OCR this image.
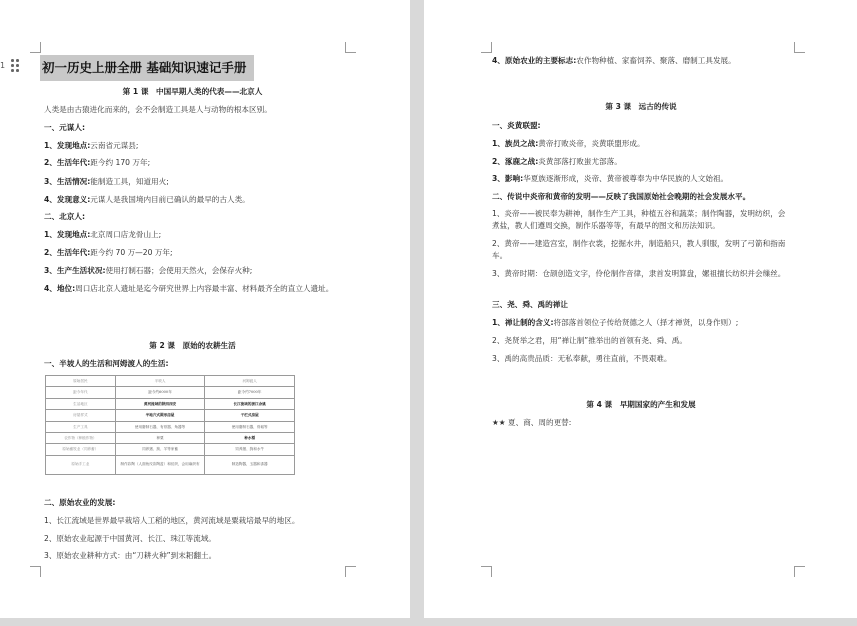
1	初一历史上册全册 基础知识速记手册
第 1 课　中国早期人类的代表——北京人
人类是由古猿进化而来的，会不会制造工具是人与动物的根本区别。
一、元谋人:
1、发现地点:云南省元谋县;
2、生活年代:距今约 170 万年;
3、生活情况:能制造工具，知道用火;
4、发现意义:元谋人是我国境内目前已确认的最早的古人类。
二、北京人:
1、发现地点:北京周口店龙骨山上;
2、生活年代:距今约 70 万—20 万年;
3、生产生活状况:使用打制石器；会使用天然火，会保存火种;
4、地位:周口店北京人遗址是迄今研究世界上内容最丰富、材料最齐全的直立人遗址。
第 2 课　原始的农耕生活
一、半坡人的生活和河姆渡人的生活:
原始居民	半坡人	河姆渡人
距今年代	距今约6000年	距今约7000年
生活地区	黄河流域的陕西西安	长江流域的浙江余姚
房屋样式	半地穴式圆形房屋	干栏式房屋
生产工具	使用磨制石器，有骨器、角器等	使用磨制石器，骨耜等
农作物（种植作物）	种粟	种水稻
原始畜牧业（饲养畜）	饲养猪、狗、羊等家畜	饲养猪、狗和水牛
原始手工业	制作彩陶（人面鱼纹彩陶盆）和纺织，会用麻织布	制造陶器，玉器和漆器
二、原始农业的发展:
1、长江流域是世界最早栽培人工稻的地区，黄河流域是粟栽培最早的地区。
2、原始农业起源于中国黄河、长江、珠江等流域。
3、原始农业耕种方式：由“刀耕火种”到末耜翻土。
4、原始农业的主要标志:农作物种植、家畜饲养、聚落、磨制工具发展。
第 3 课　远古的传说
一、炎黄联盟:
1、族员之战:黄帝打败炎帝，炎黄联盟形成。
2、涿鹿之战:炎黄部落打败蚩尤部落。
3、影响:华夏族逐渐形成，炎帝、黄帝被尊奉为中华民族的人文始祖。
二、传说中炎帝和黄帝的发明——反映了我国原始社会晚期的社会发展水平。
1、炎帝——被民奉为耕神，制作生产工具，种植五谷和蔬菜；制作陶器，发明纺织，会煮盐，教人们遵周交换，制作乐器等等，有最早的图文和历法知识。
2、黄帝——建造宫室，制作衣裳，挖掘水井，制造船只，教人驯服，发明了弓箭和指南车。
3、黄帝时期：仓颉创造文字，伶伦制作音律，隶首发明算盘，嫘祖擅长纺织并会缫丝。
三、尧、舜、禹的禅让
1、禅让制的含义:将部落首领位子传给贤德之人（择才禅贤，以身作则）;
2、尧贤举之君，用“禅让制”推举出的首领有尧、舜、禹。
3、禹的高贵品质：无私奉献，勇往直前，不畏艰难。
第 4 课　早期国家的产生和发展
★★ 夏、商、周的更替:
